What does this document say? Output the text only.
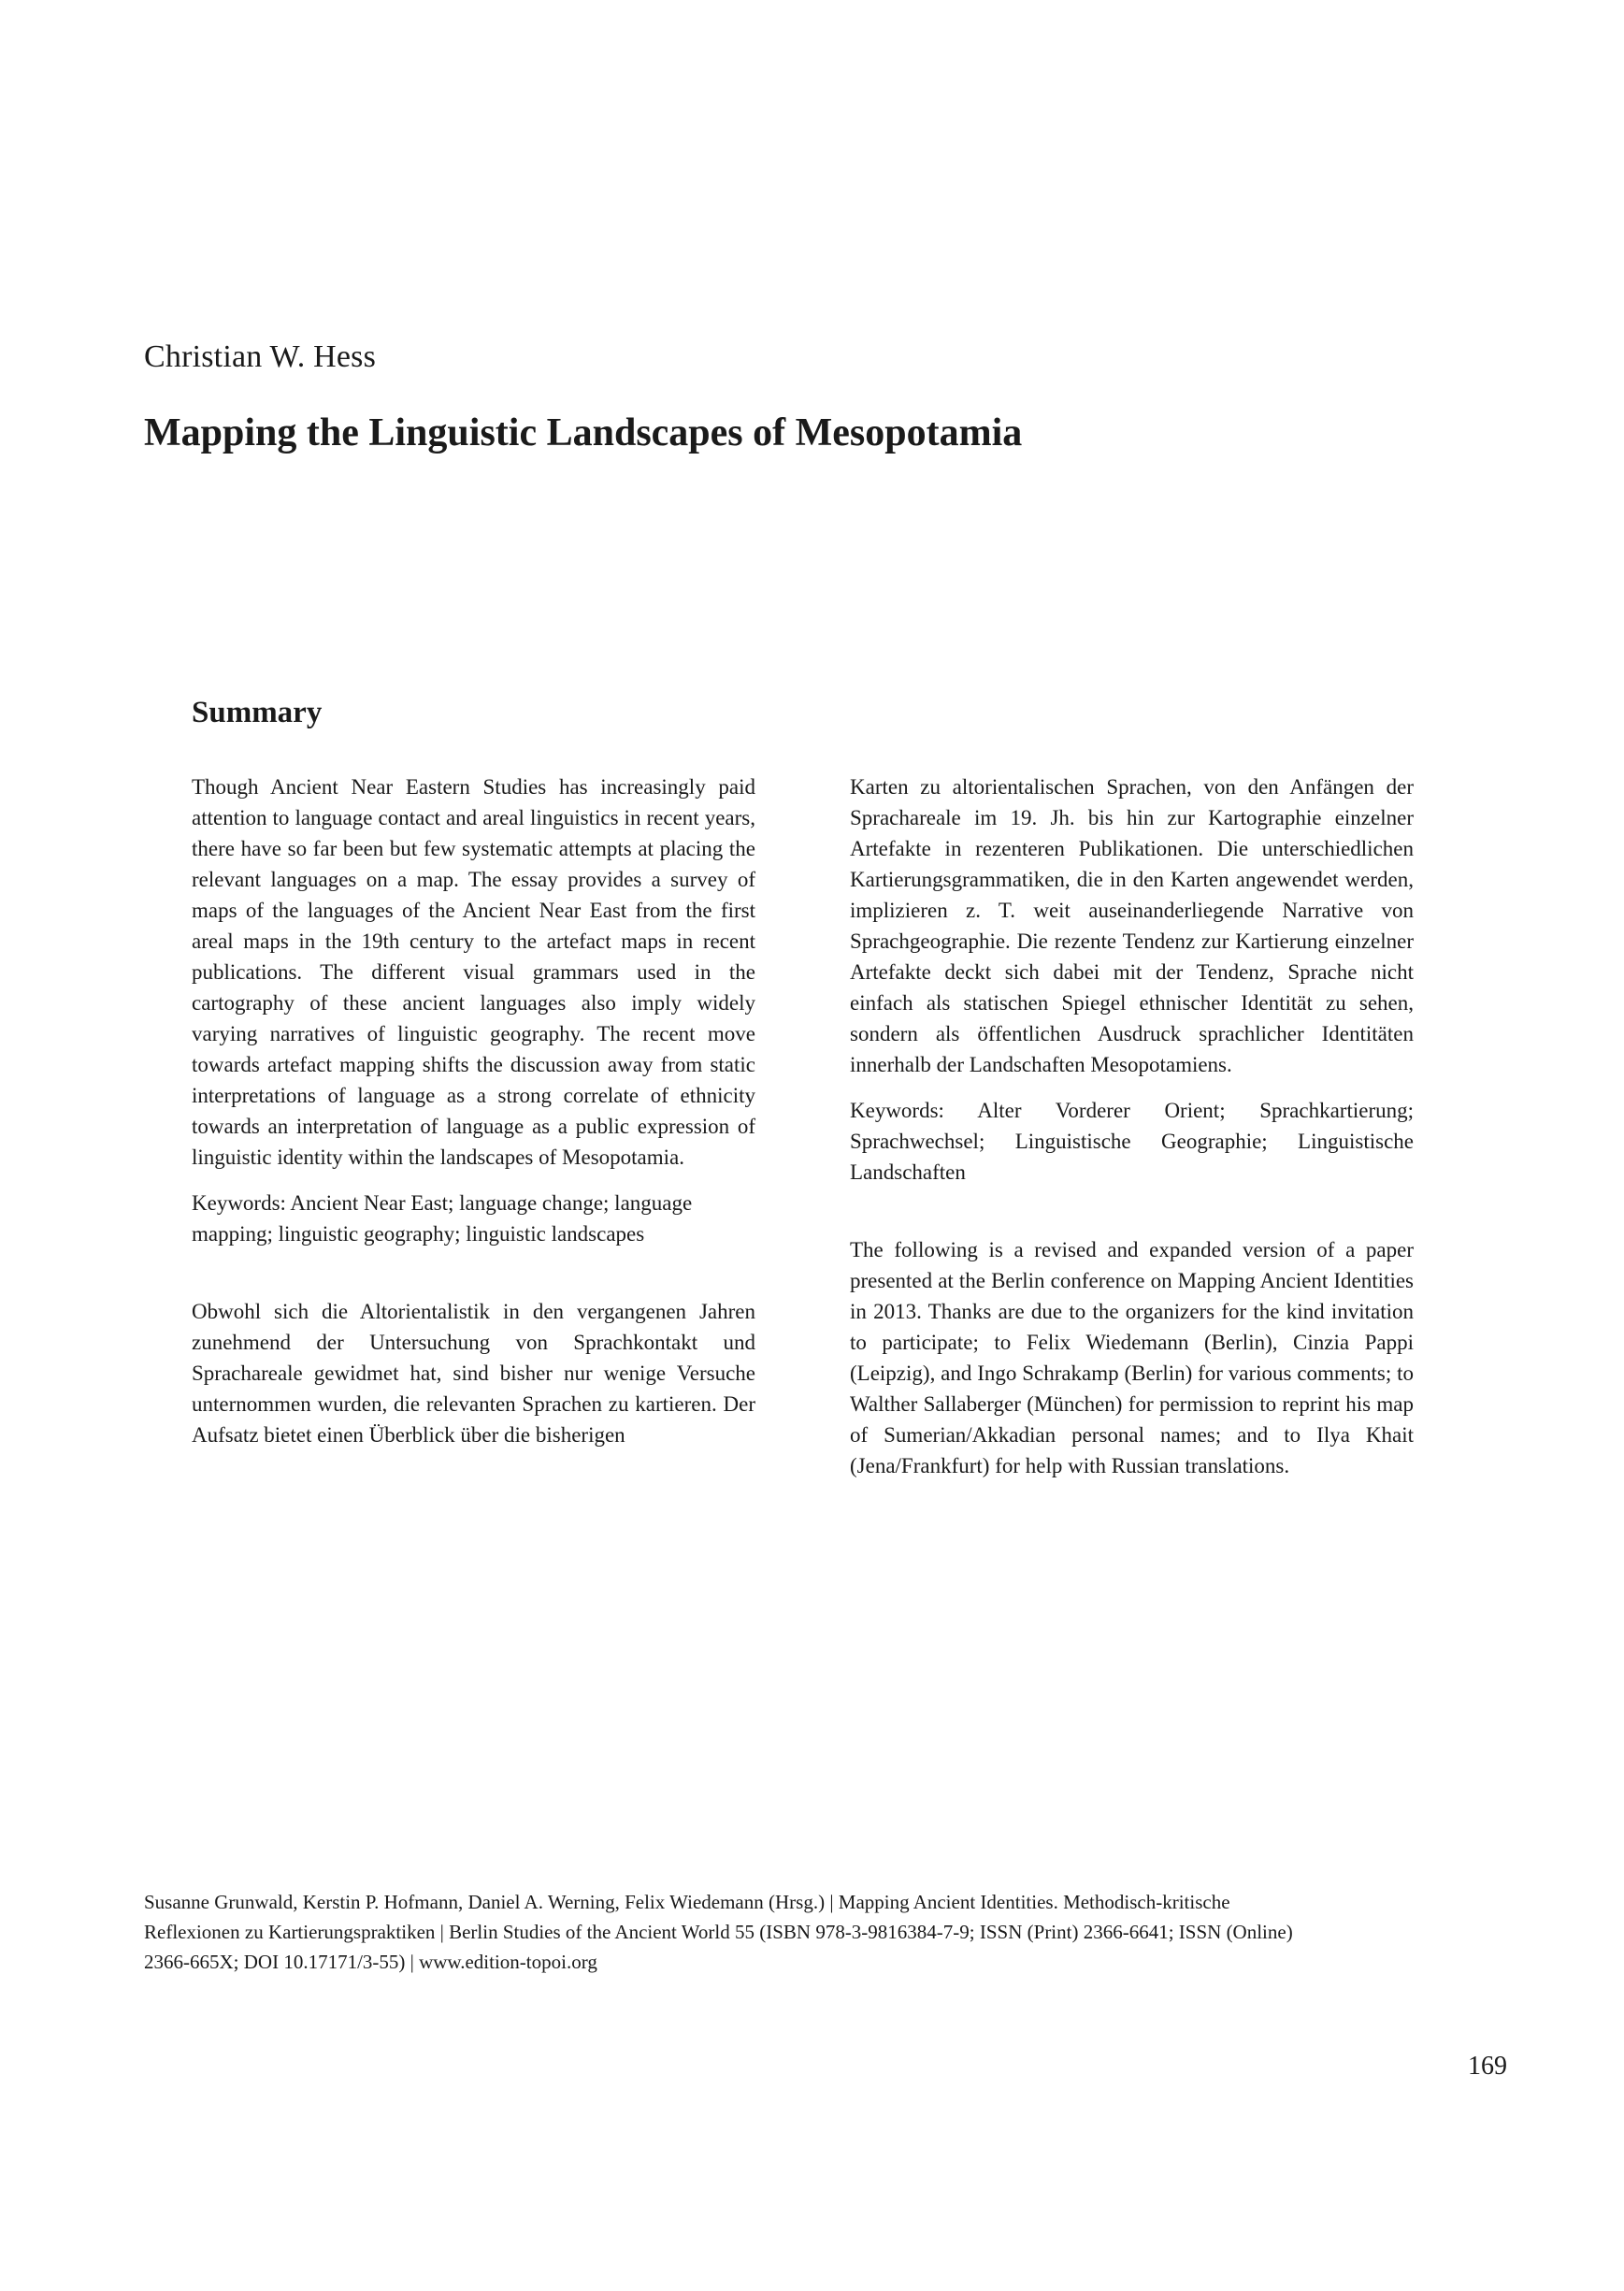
Christian W. Hess
Mapping the Linguistic Landscapes of Mesopotamia
Summary

Though Ancient Near Eastern Studies has increasingly paid attention to language contact and areal linguistics in recent years, there have so far been but few systematic attempts at placing the relevant languages on a map. The essay provides a survey of maps of the languages of the Ancient Near East from the first areal maps in the 19th century to the artefact maps in recent publications. The different visual grammars used in the cartography of these ancient languages also imply widely varying narratives of linguistic geography. The recent move towards artefact mapping shifts the discussion away from static interpretations of language as a strong correlate of ethnicity towards an interpretation of language as a public expression of linguistic identity within the landscapes of Mesopotamia.

Keywords: Ancient Near East; language change; language mapping; linguistic geography; linguistic landscapes

Obwohl sich die Altorientalistik in den vergangenen Jahren zunehmend der Untersuchung von Sprachkontakt und Sprachareale gewidmet hat, sind bisher nur wenige Versuche unternommen wurden, die relevanten Sprachen zu kartieren. Der Aufsatz bietet einen Überblick über die bisherigen

Karten zu altorientalischen Sprachen, von den Anfängen der Sprachareale im 19. Jh. bis hin zur Kartographie einzelner Artefakte in rezenteren Publikationen. Die unterschiedlichen Kartierungsgrammatiken, die in den Karten angewendet werden, implizieren z. T. weit auseinanderliegende Narrative von Sprachgeographie. Die rezente Tendenz zur Kartierung einzelner Artefakte deckt sich dabei mit der Tendenz, Sprache nicht einfach als statischen Spiegel ethnischer Identität zu sehen, sondern als öffentlichen Ausdruck sprachlicher Identitäten innerhalb der Landschaften Mesopotamiens.

Keywords: Alter Vorderer Orient; Sprachkartierung; Sprachwechsel; Linguistische Geographie; Linguistische Landschaften

The following is a revised and expanded version of a paper presented at the Berlin conference on Mapping Ancient Identities in 2013. Thanks are due to the organizers for the kind invitation to participate; to Felix Wiedemann (Berlin), Cinzia Pappi (Leipzig), and Ingo Schrakamp (Berlin) for various comments; to Walther Sallaberger (München) for permission to reprint his map of Sumerian/Akkadian personal names; and to Ilya Khait (Jena/Frankfurt) for help with Russian translations.

Susanne Grunwald, Kerstin P. Hofmann, Daniel A. Werning, Felix Wiedemann (Hrsg.) | Mapping Ancient Identities. Methodisch-kritische Reflexionen zu Kartierungspraktiken | Berlin Studies of the Ancient World 55 (ISBN 978-3-9816384-7-9; ISSN (Print) 2366-6641; ISSN (Online) 2366-665X; DOI 10.17171/3-55) | www.edition-topoi.org
169
